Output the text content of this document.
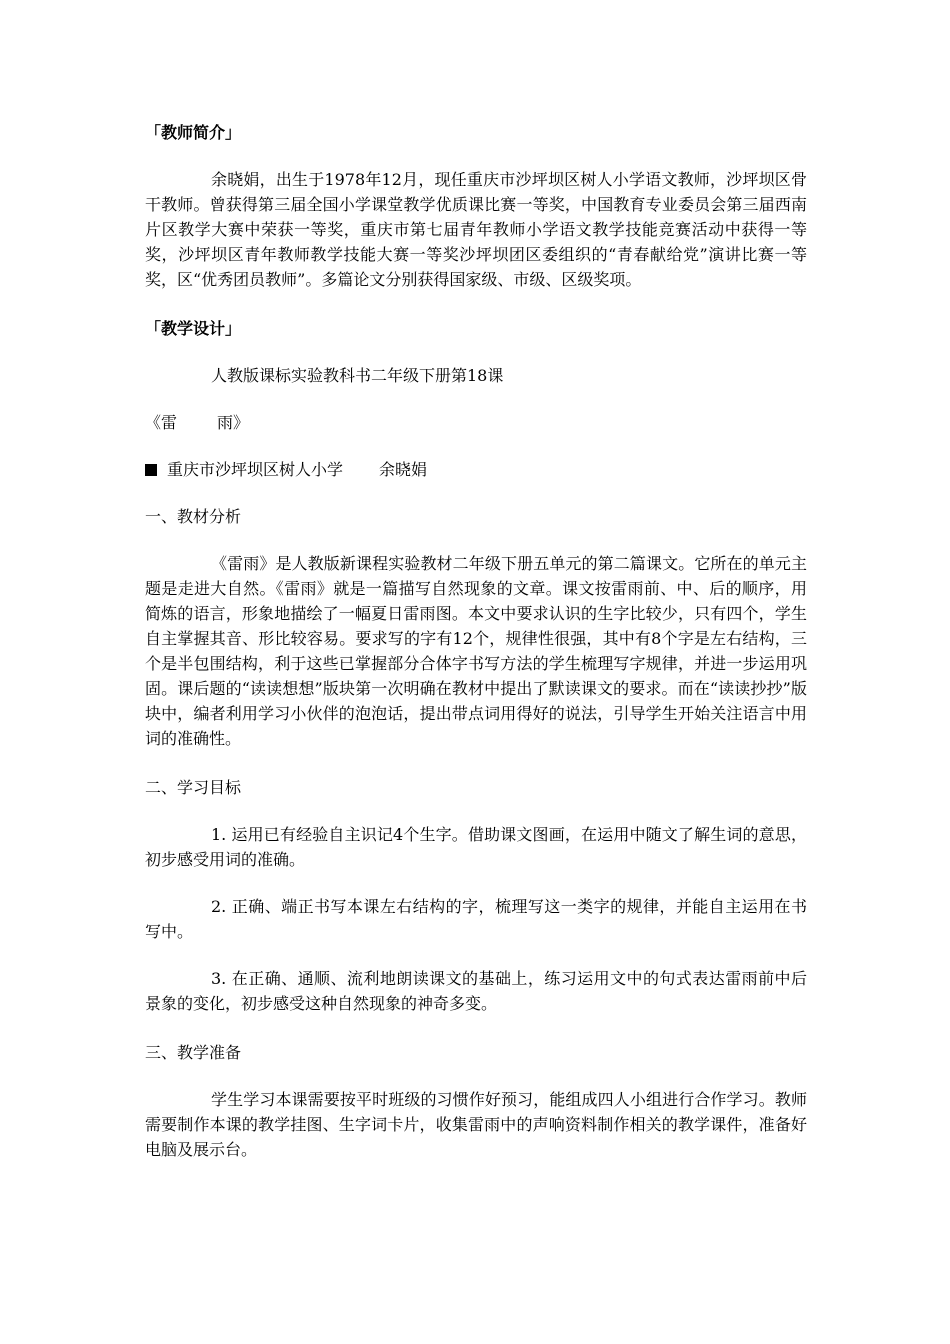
「教师简介」

余晓娟，出生于1978年12月，现任重庆市沙坪坝区树人小学语文教师，沙坪坝区骨干教师。曾获得第三届全国小学课堂教学优质课比赛一等奖，中国教育专业委员会第三届西南片区教学大赛中荣获一等奖，重庆市第七届青年教师小学语文教学技能竞赛活动中获得一等奖，沙坪坝区青年教师教学技能大赛一等奖沙坪坝团区委组织的“青春献给党”演讲比赛一等奖，区“优秀团员教师”。多篇论文分别获得国家级、市级、区级奖项。

「教学设计」

人教版课标实验教科书二年级下册第18课

《雷	雨》

重庆市沙坪坝区树人小学 余晓娟

一、教材分析

《雷雨》是人教版新课程实验教材二年级下册五单元的第二篇课文。它所在的单元主题是走进大自然。《雷雨》就是一篇描写自然现象的文章。课文按雷雨前、中、后的顺序，用简炼的语言，形象地描绘了一幅夏日雷雨图。本文中要求认识的生字比较少，只有四个，学生自主掌握其音、形比较容易。要求写的字有12个，规律性很强，其中有8个字是左右结构，三个是半包围结构，利于这些已掌握部分合体字书写方法的学生梳理写字规律，并进一步运用巩固。课后题的“读读想想”版块第一次明确在教材中提出了默读课文的要求。而在“读读抄抄”版块中，编者利用学习小伙伴的泡泡话，提出带点词用得好的说法，引导学生开始关注语言中用词的准确性。

二、学习目标

1. 运用已有经验自主识记4个生字。借助课文图画，在运用中随文了解生词的意思，初步感受用词的准确。

2. 正确、端正书写本课左右结构的字，梳理写这一类字的规律，并能自主运用在书写中。

3. 在正确、通顺、流利地朗读课文的基础上，练习运用文中的句式表达雷雨前中后景象的变化，初步感受这种自然现象的神奇多变。

三、教学准备

学生学习本课需要按平时班级的习惯作好预习，能组成四人小组进行合作学习。教师需要制作本课的教学挂图、生字词卡片，收集雷雨中的声响资料制作相关的教学课件，准备好电脑及展示台。
